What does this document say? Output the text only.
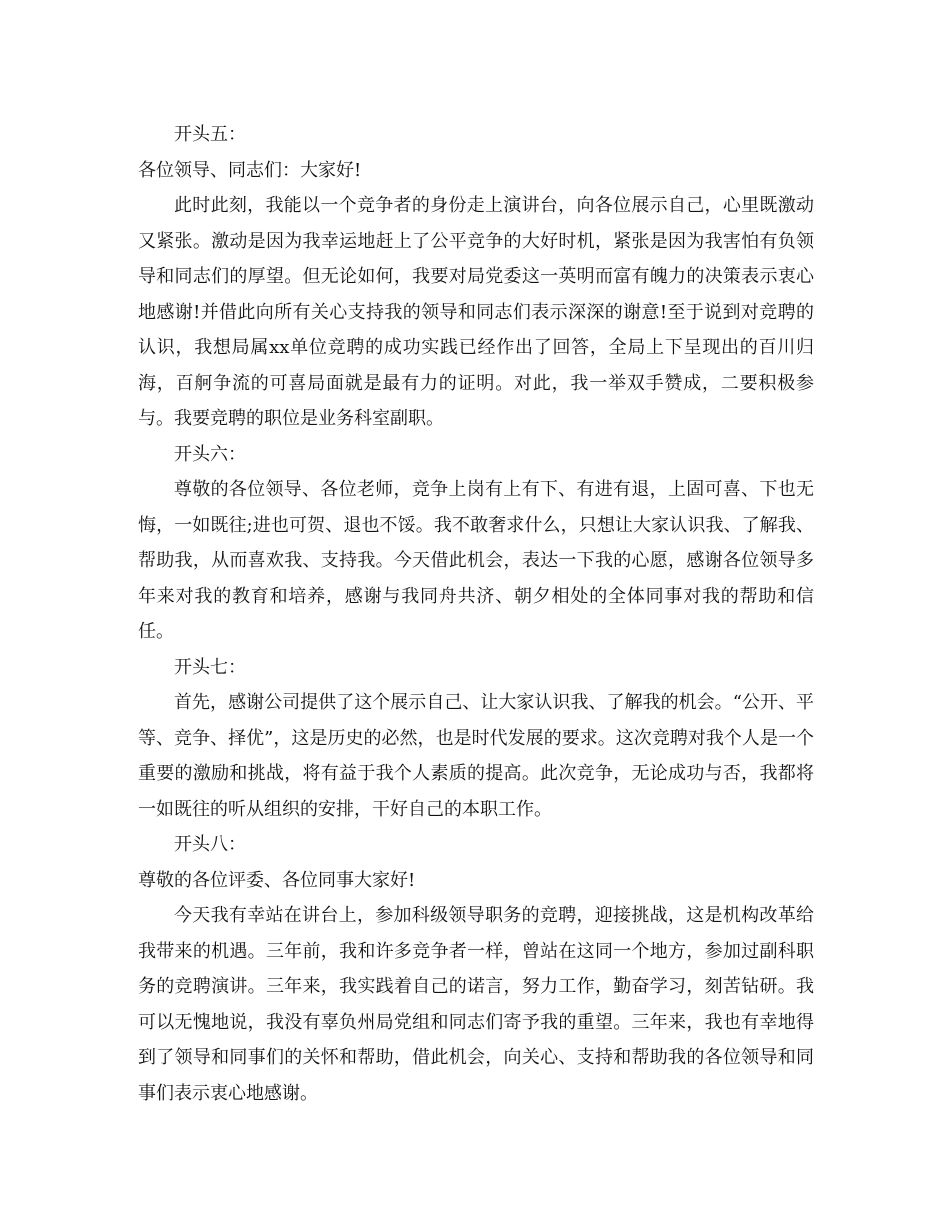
开头五：

各位领导、同志们：大家好!

此时此刻，我能以一个竞争者的身份走上演讲台，向各位展示自己，心里既激动又紧张。激动是因为我幸运地赶上了公平竞争的大好时机，紧张是因为我害怕有负领导和同志们的厚望。但无论如何，我要对局党委这一英明而富有魄力的决策表示衷心地感谢!并借此向所有关心支持我的领导和同志们表示深深的谢意!至于说到对竞聘的认识，我想局属xx单位竞聘的成功实践已经作出了回答，全局上下呈现出的百川归海，百舸争流的可喜局面就是最有力的证明。对此，我一举双手赞成，二要积极参与。我要竞聘的职位是业务科室副职。

开头六：

尊敬的各位领导、各位老师，竞争上岗有上有下、有进有退，上固可喜、下也无悔，一如既往;进也可贺、退也不馁。我不敢奢求什么，只想让大家认识我、了解我、帮助我，从而喜欢我、支持我。今天借此机会，表达一下我的心愿，感谢各位领导多年来对我的教育和培养，感谢与我同舟共济、朝夕相处的全体同事对我的帮助和信任。

开头七：

首先，感谢公司提供了这个展示自己、让大家认识我、了解我的机会。“公开、平等、竞争、择优”，这是历史的必然，也是时代发展的要求。这次竞聘对我个人是一个重要的激励和挑战，将有益于我个人素质的提高。此次竞争，无论成功与否，我都将一如既往的听从组织的安排，干好自己的本职工作。

开头八：

尊敬的各位评委、各位同事大家好!

今天我有幸站在讲台上，参加科级领导职务的竞聘，迎接挑战，这是机构改革给我带来的机遇。三年前，我和许多竞争者一样，曾站在这同一个地方，参加过副科职务的竞聘演讲。三年来，我实践着自己的诺言，努力工作，勤奋学习，刻苦钻研。我可以无愧地说，我没有辜负州局党组和同志们寄予我的重望。三年来，我也有幸地得到了领导和同事们的关怀和帮助，借此机会，向关心、支持和帮助我的各位领导和同事们表示衷心地感谢。
